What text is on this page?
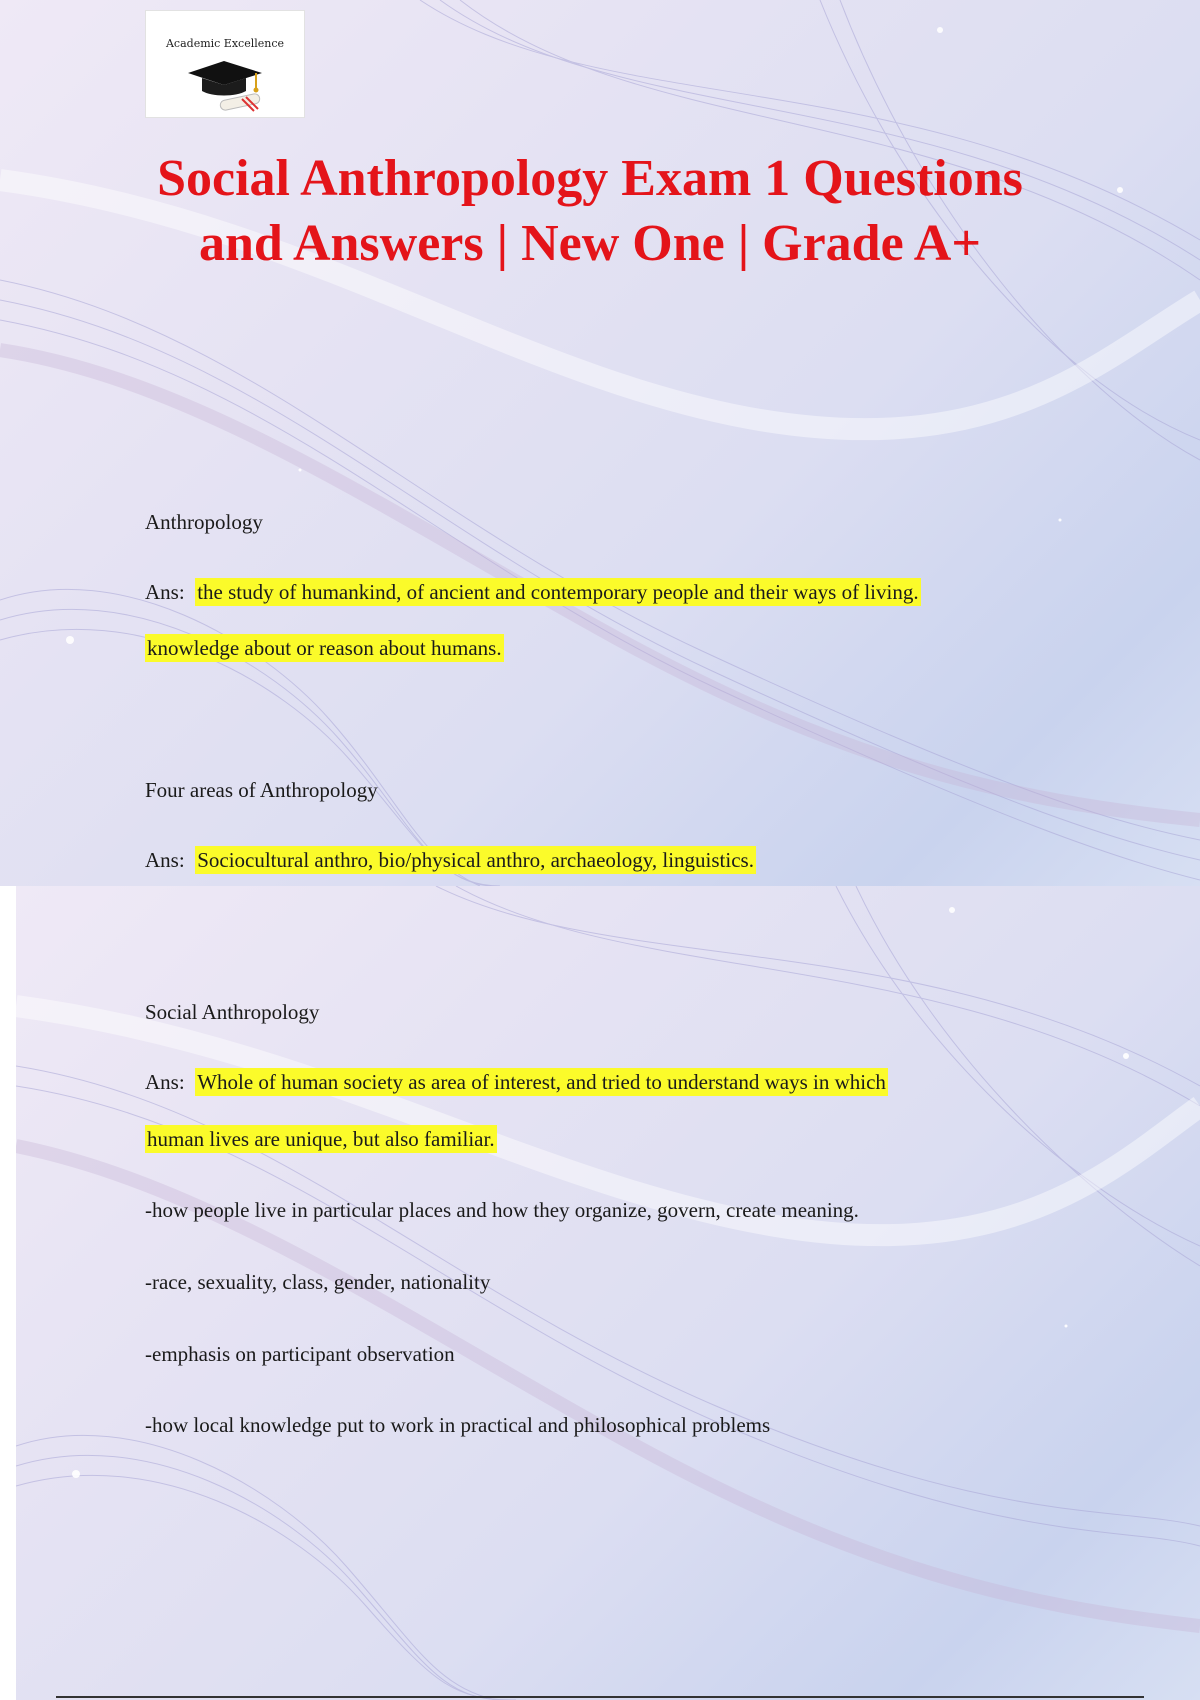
Academic Excellence
Social Anthropology Exam 1 Questions and Answers | New One | Grade A+

Anthropology

Ans: the study of humankind, of ancient and contemporary people and their ways of living.

knowledge about or reason about humans.

Four areas of Anthropology

Ans: Sociocultural anthro, bio/physical anthro, archaeology, linguistics.

Social Anthropology

Ans: Whole of human society as area of interest, and tried to understand ways in which

human lives are unique, but also familiar.

-how people live in particular places and how they organize, govern, create meaning.

-race, sexuality, class, gender, nationality

-emphasis on participant observation

-how local knowledge put to work in practical and philosophical problems
